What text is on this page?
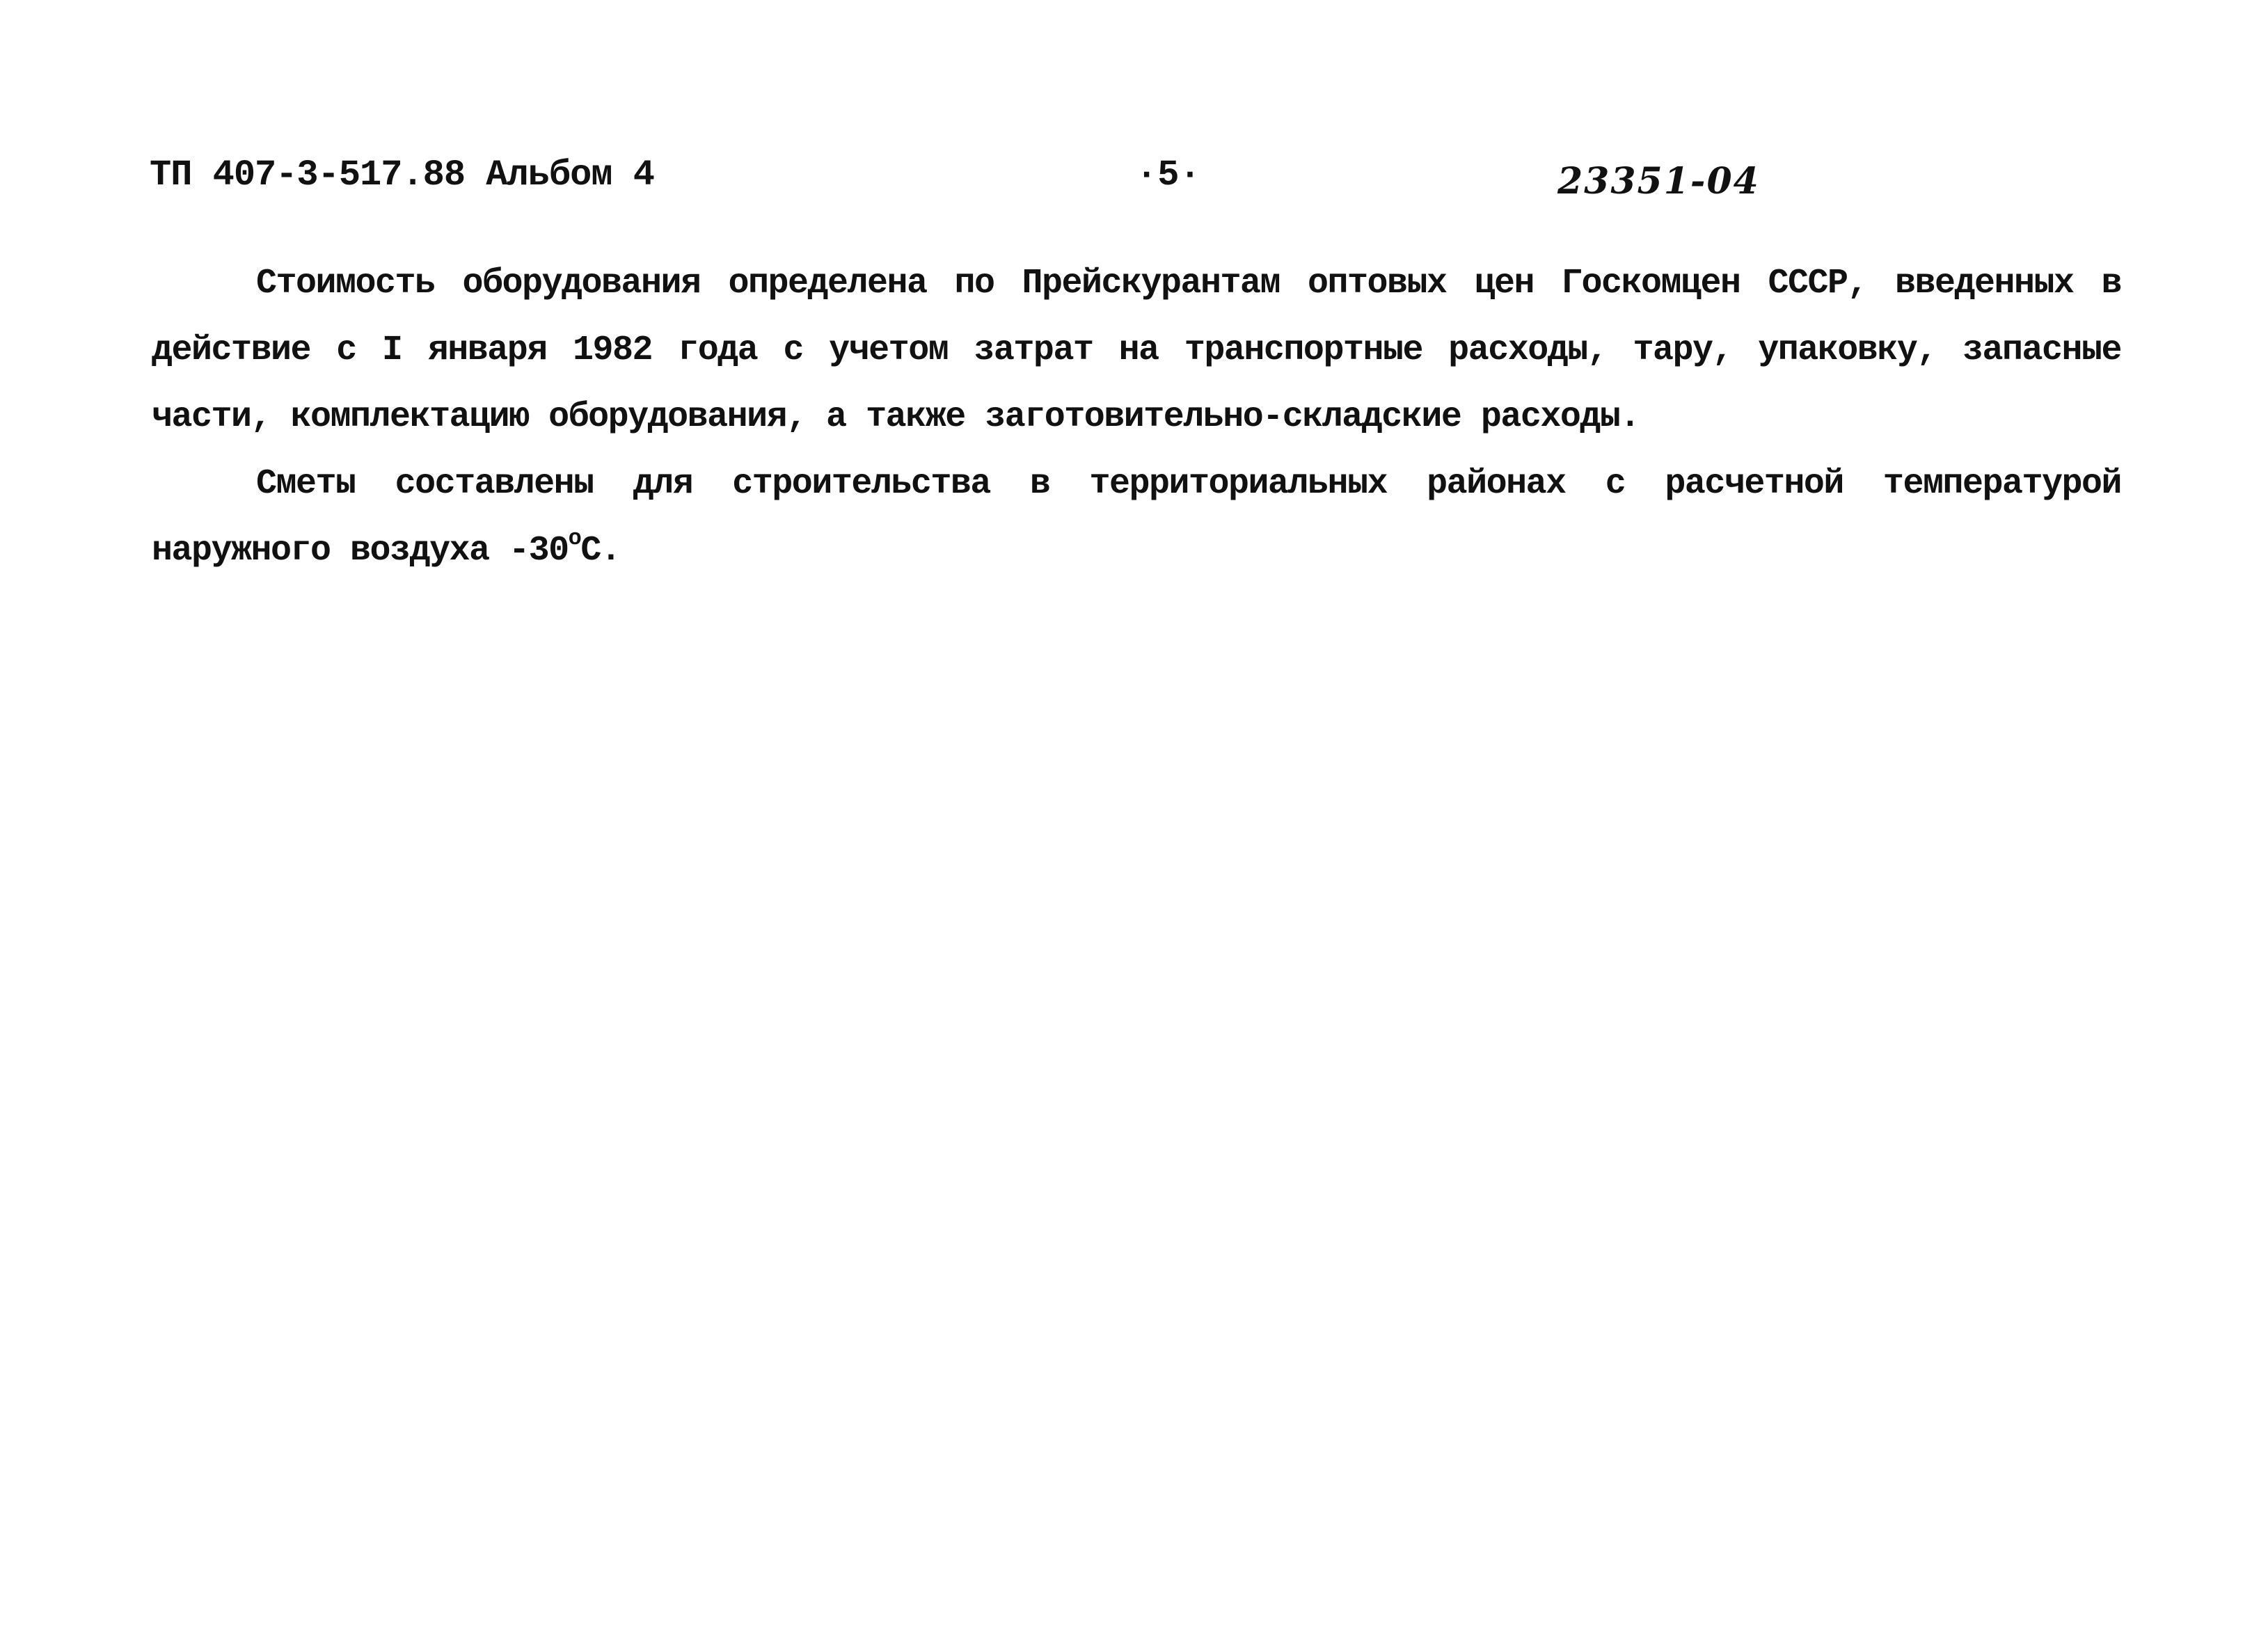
ТП 407-3-517.88 Альбом 4	·5·	23351-04

Стоимость оборудования определена по Прейскурантам оптовых цен Госкомцен СССР, введенных в действие с I января 1982 года с учетом затрат на транспортные расходы, тару, упаковку, запасные части, комплектацию оборудования, а также заготовительно-складские расходы.

Сметы составлены для строительства в территориальных районах с расчетной температурой наружного воздуха $-30^оС$.
